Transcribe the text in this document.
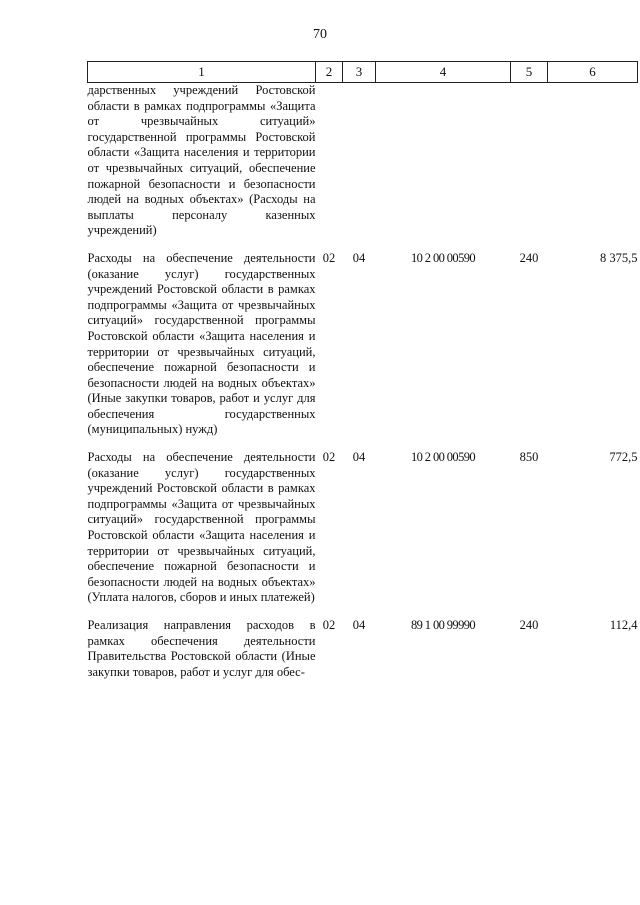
70
1	2	3	4	5	6
дарственных учреждений Ростовской области в рамках подпрограммы «Защита от чрезвычайных ситуаций» государственной программы Ростовской области «Защита населения и территории от чрезвычайных ситуаций, обеспечение пожарной безопасности и безопасности людей на водных объектах» (Расходы на выплаты персоналу казенных учреждений)					
Расходы на обеспечение деятельности (оказание услуг) государственных учреждений Ростовской области в рамках подпрограммы «Защита от чрезвычайных ситуаций» государственной программы Ростовской области «Защита населения и территории от чрезвычайных ситуаций, обеспечение пожарной безопасности и безопасности людей на водных объектах» (Иные закупки товаров, работ и услуг для обеспечения государственных (муниципальных) нужд)	02	04	10 2 00 00590	240	8 375,5
Расходы на обеспечение деятельности (оказание услуг) государственных учреждений Ростовской области в рамках подпрограммы «Защита от чрезвычайных ситуаций» государственной программы Ростовской области «Защита населения и территории от чрезвычайных ситуаций, обеспечение пожарной безопасности и безопасности людей на водных объектах» (Уплата налогов, сборов и иных платежей)	02	04	10 2 00 00590	850	772,5
Реализация направления расходов в рамках обеспечения деятельности Правительства Ростовской области (Иные закупки товаров, работ и услуг для обес-	02	04	89 1 00 99990	240	112,4
